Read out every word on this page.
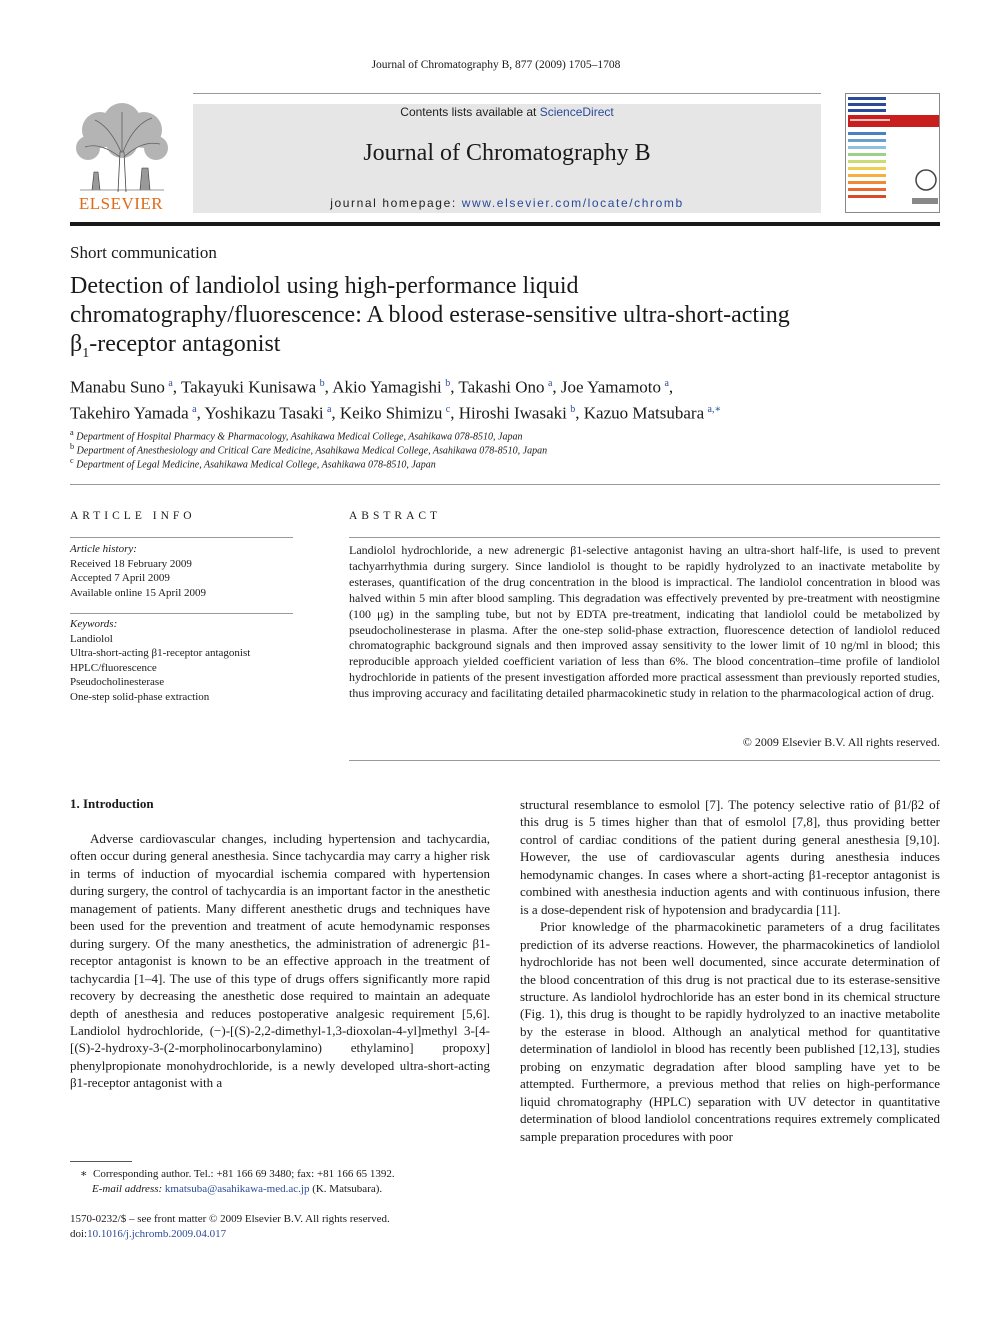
Journal of Chromatography B, 877 (2009) 1705–1708
ELSEVIER
Contents lists available at ScienceDirect
Journal of Chromatography B
journal homepage: www.elsevier.com/locate/chromb
Short communication
Detection of landiolol using high-performance liquid
chromatography/fluorescence: A blood esterase-sensitive ultra-short-acting
$\beta_1$-receptor antagonist
Manabu Suno  $^a$, Takayuki Kunisawa  $^b$, Akio Yamagishi  $^b$, Takashi Ono  $^a$, Joe Yamamoto  $^a$,
Takehiro Yamada  $^a$, Yoshikazu Tasaki  $^a$, Keiko Shimizu  $^c$, Hiroshi Iwasaki  $^b$, Kazuo Matsubara  $^{a,∗}$
$^a$ Department of Hospital Pharmacy & Pharmacology, Asahikawa Medical College, Asahikawa 078-8510, Japan
$^b$ Department of Anesthesiology and Critical Care Medicine, Asahikawa Medical College, Asahikawa 078-8510, Japan
$^c$ Department of Legal Medicine, Asahikawa Medical College, Asahikawa 078-8510, Japan
ARTICLE INFO
Article history:
Received 18 February 2009
Accepted 7 April 2009
Available online 15 April 2009
Keywords:
Landiolol
Ultra-short-acting β1-receptor antagonist
HPLC/fluorescence
Pseudocholinesterase
One-step solid-phase extraction
ABSTRACT
Landiolol hydrochloride, a new adrenergic β1-selective antagonist having an ultra-short half-life, is used to prevent tachyarrhythmia during surgery. Since landiolol is thought to be rapidly hydrolyzed to an inactivate metabolite by esterases, quantification of the drug concentration in the blood is impractical. The landiolol concentration in blood was halved within 5 min after blood sampling. This degradation was effectively prevented by pre-treatment with neostigmine (100 μg) in the sampling tube, but not by EDTA pre-treatment, indicating that landiolol could be metabolized by pseudocholinesterase in plasma. After the one-step solid-phase extraction, fluorescence detection of landiolol reduced chromatographic background signals and then improved assay sensitivity to the lower limit of 10 ng/ml in blood; this reproducible approach yielded coefficient variation of less than 6%. The blood concentration–time profile of landiolol hydrochloride in patients of the present investigation afforded more practical assessment than previously reported studies, thus improving accuracy and facilitating detailed pharmacokinetic study in relation to the pharmacological action of drug.
© 2009 Elsevier B.V. All rights reserved.
1. Introduction

Adverse cardiovascular changes, including hypertension and tachycardia, often occur during general anesthesia. Since tachycardia may carry a higher risk in terms of induction of myocardial ischemia compared with hypertension during surgery, the control of tachycardia is an important factor in the anesthetic management of patients. Many different anesthetic drugs and techniques have been used for the prevention and treatment of acute hemodynamic responses during surgery. Of the many anesthetics, the administration of adrenergic β1-receptor antagonist is known to be an effective approach in the treatment of tachycardia [1–4]. The use of this type of drugs offers significantly more rapid recovery by decreasing the anesthetic dose required to maintain an adequate depth of anesthesia and reduces postoperative analgesic requirement [5,6]. Landiolol hydrochloride, (−)-[(S)-2,2-dimethyl-1,3-dioxolan-4-yl]methyl 3-[4-[(S)-2-hydroxy-3-(2-morpholinocarbonylamino) ethylamino] propoxy] phenylpropionate monohydrochloride, is a newly developed ultra-short-acting β1-receptor antagonist with a

structural resemblance to esmolol [7]. The potency selective ratio of β1/β2 of this drug is 5 times higher than that of esmolol [7,8], thus providing better control of cardiac conditions of the patient during general anesthesia [9,10]. However, the use of cardiovascular agents during anesthesia induces hemodynamic changes. In cases where a short-acting β1-receptor antagonist is combined with anesthesia induction agents and with continuous infusion, there is a dose-dependent risk of hypotension and bradycardia [11].

Prior knowledge of the pharmacokinetic parameters of a drug facilitates prediction of its adverse reactions. However, the pharmacokinetics of landiolol hydrochloride has not been well documented, since accurate determination of the blood concentration of this drug is not practical due to its esterase-sensitive structure. As landiolol hydrochloride has an ester bond in its chemical structure (Fig. 1), this drug is thought to be rapidly hydrolyzed to an inactive metabolite by the esterase in blood. Although an analytical method for quantitative determination of landiolol in blood has recently been published [12,13], studies probing on enzymatic degradation after blood sampling have yet to be attempted. Furthermore, a previous method that relies on high-performance liquid chromatography (HPLC) separation with UV detector in quantitative determination of blood landiolol concentrations requires extremely complicated sample preparation procedures with poor

∗ Corresponding author. Tel.: +81 166 69 3480; fax: +81 166 65 1392.
E-mail address: kmatsuba@asahikawa-med.ac.jp (K. Matsubara).
1570-0232/$ – see front matter © 2009 Elsevier B.V. All rights reserved.
doi:10.1016/j.jchromb.2009.04.017
